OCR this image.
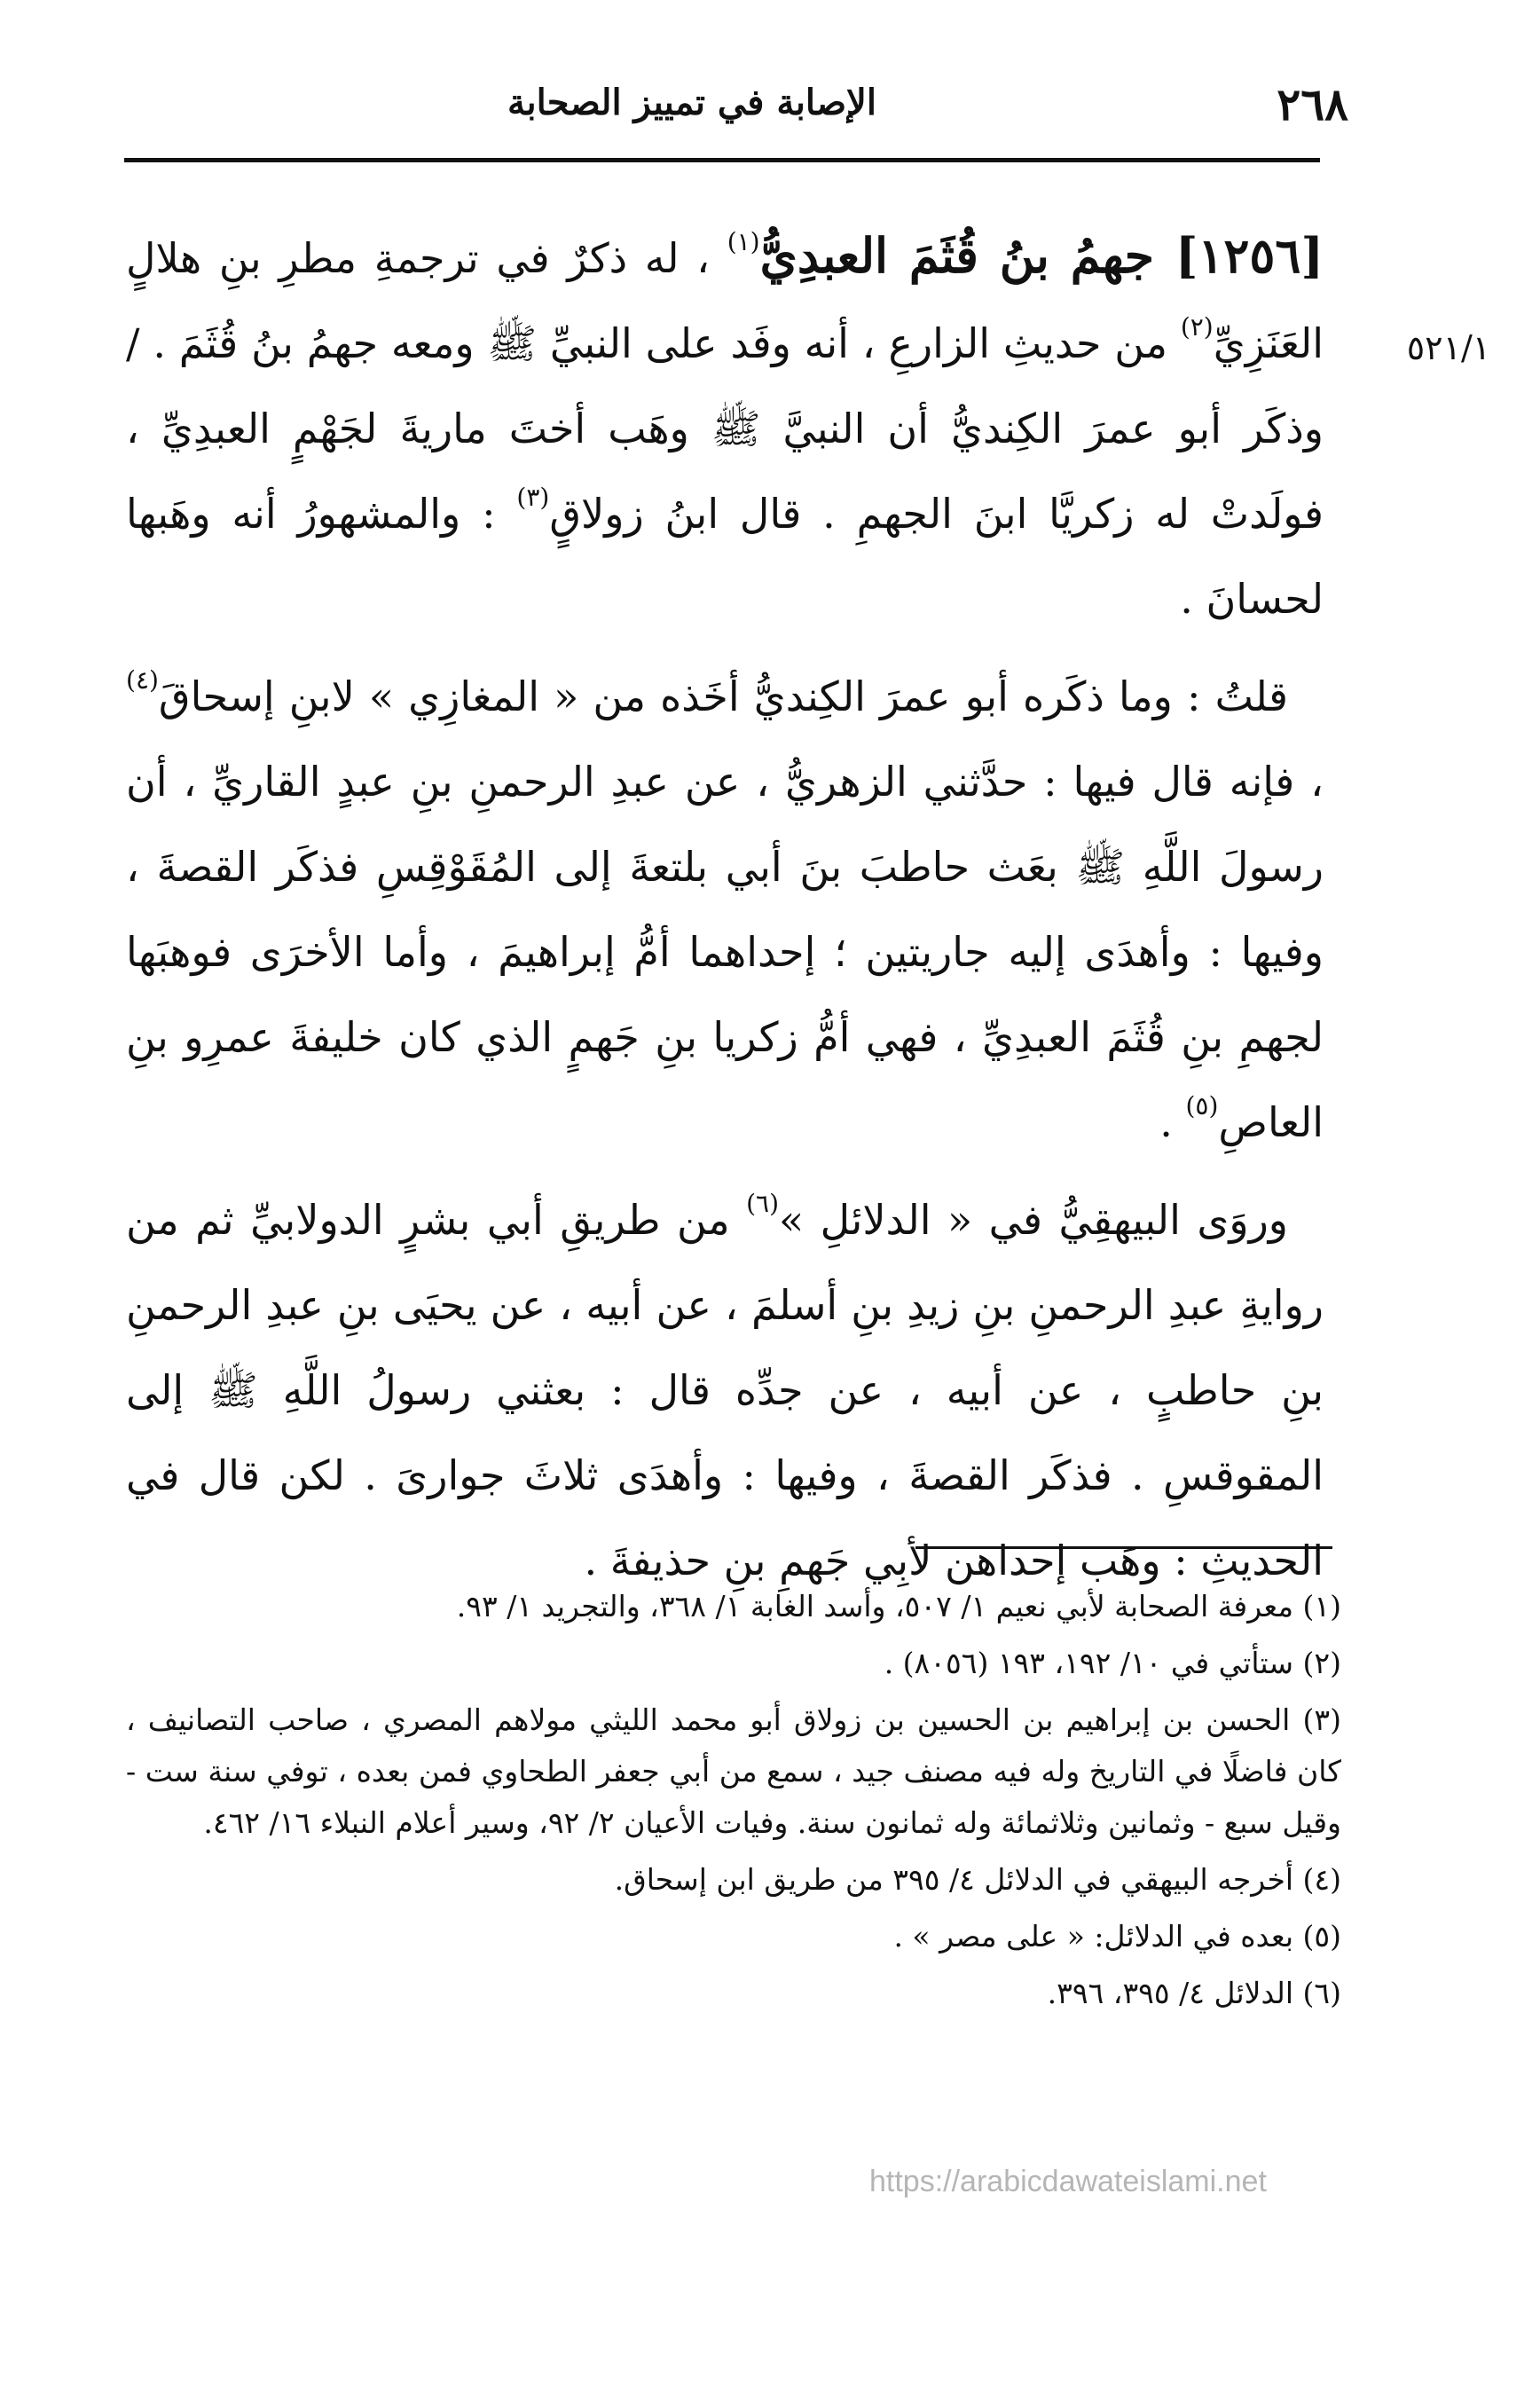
الإصابة في تمييز الصحابة	٢٦٨
٥٢١/١

[١٢٥٦] جهمُ بنُ قُثَمَ العبدِيُّ$^{(١)}$ ، له ذكرٌ في ترجمةِ مطرِ بنِ هلالٍ العَنَزِيِّ$^{(٢)}$ من حديثِ الزارعِ ، أنه وفَد على النبيِّ ﷺ ومعه جهمُ بنُ قُثَمَ . /وذكَر أبو عمرَ الكِنديُّ أن النبيَّ ﷺ وهَب أختَ ماريةَ لجَهْمٍ العبدِيِّ ، فولَدتْ له زكريَّا ابنَ الجهمِ . قال ابنُ زولاقٍ$^{(٣)}$ : والمشهورُ أنه وهَبها لحسانَ .

قلتُ : وما ذكَره أبو عمرَ الكِنديُّ أخَذه من « المغازِي » لابنِ إسحاقَ$^{(٤)}$ ، فإنه قال فيها : حدَّثني الزهريُّ ، عن عبدِ الرحمنِ بنِ عبدٍ القاريِّ ، أن رسولَ اللَّهِ ﷺ بعَث حاطبَ بنَ أبي بلتعةَ إلى المُقَوْقِسِ فذكَر القصةَ ، وفيها : وأهدَى إليه جاريتين ؛ إحداهما أمُّ إبراهيمَ ، وأما الأخرَى فوهبَها لجهمِ بنِ قُثَمَ العبدِيِّ ، فهي أمُّ زكريا بنِ جَهمٍ الذي كان خليفةَ عمرِو بنِ العاصِ$^{(٥)}$ .

وروَى البيهقِيُّ في « الدلائلِ »$^{(٦)}$ من طريقِ أبي بشرٍ الدولابيِّ ثم من روايةِ عبدِ الرحمنِ بنِ زيدِ بنِ أسلمَ ، عن أبيه ، عن يحيَى بنِ عبدِ الرحمنِ بنِ حاطبٍ ، عن أبيه ، عن جدِّه قال : بعثني رسولُ اللَّهِ ﷺ إلى المقوقسِ . فذكَر القصةَ ، وفيها : وأهدَى ثلاثَ جوارىَ . لكن قال في الحديثِ : وهَب إحداهن لأبِي جَهمِ بنِ حذيفةَ .

(١) معرفة الصحابة لأبي نعيم ١/ ٥٠٧، وأسد الغابة ١/ ٣٦٨، والتجريد ١/ ٩٣.

(٢) ستأتي في ١٠/ ١٩٢، ١٩٣ (٨٠٥٦) .

(٣) الحسن بن إبراهيم بن الحسين بن زولاق أبو محمد الليثي مولاهم المصري ، صاحب التصانيف ، كان فاضلًا في التاريخ وله فيه مصنف جيد ، سمع من أبي جعفر الطحاوي فمن بعده ، توفي سنة ست - وقيل سبع - وثمانين وثلاثمائة وله ثمانون سنة. وفيات الأعيان ٢/ ٩٢، وسير أعلام النبلاء ١٦/ ٤٦٢.

(٤) أخرجه البيهقي في الدلائل ٤/ ٣٩٥ من طريق ابن إسحاق.

(٥) بعده في الدلائل: « على مصر » .

(٦) الدلائل ٤/ ٣٩٥، ٣٩٦.

https://arabicdawateislami.net
